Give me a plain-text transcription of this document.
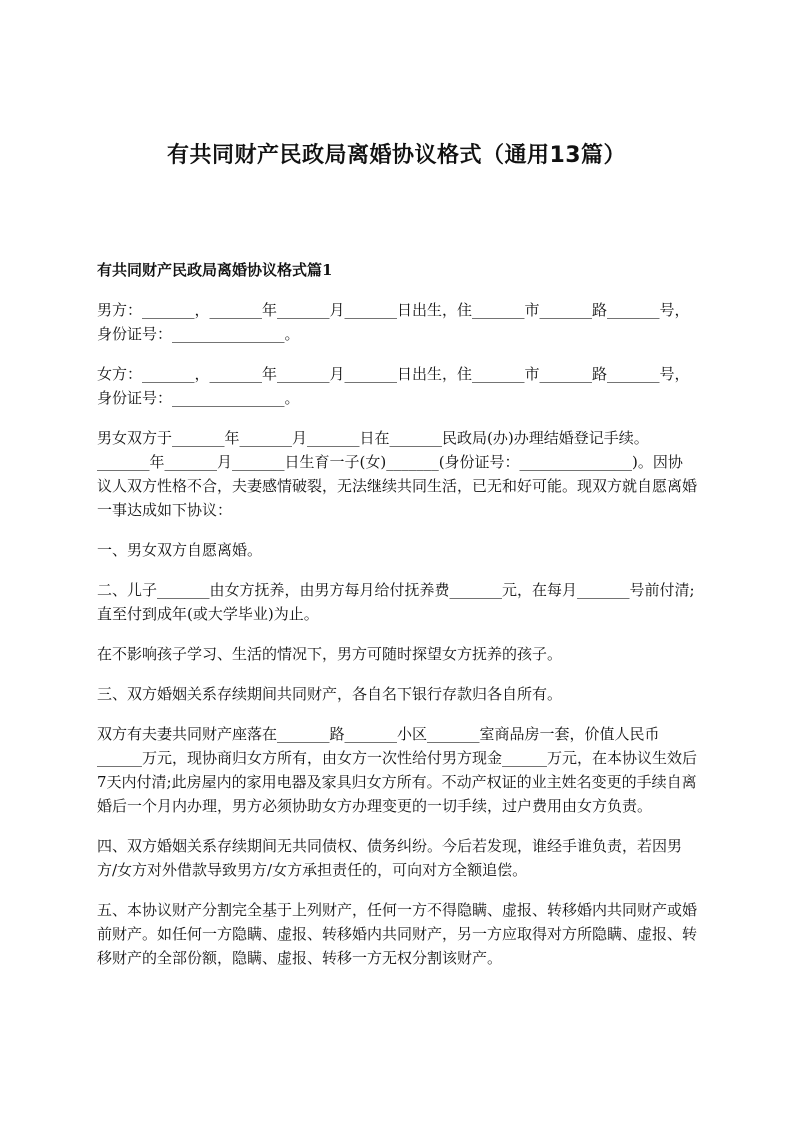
有共同财产民政局离婚协议格式（通用13篇）
有共同财产民政局离婚协议格式篇1

男方：_______，_______年_______月_______日出生，住_______市_______路_______号，身份证号：_______________。

女方：_______，_______年_______月_______日出生，住_______市_______路_______号，身份证号：_______________。

男女双方于_______年_______月_______日在_______民政局(办)办理结婚登记手续。_______年_______月_______日生育一子(女)_______(身份证号：_______________)。因协议人双方性格不合，夫妻感情破裂，无法继续共同生活，已无和好可能。现双方就自愿离婚一事达成如下协议：

一、男女双方自愿离婚。

二、儿子_______由女方抚养，由男方每月给付抚养费_______元，在每月_______号前付清;直至付到成年(或大学毕业)为止。

在不影响孩子学习、生活的情况下，男方可随时探望女方抚养的孩子。

三、双方婚姻关系存续期间共同财产，各自名下银行存款归各自所有。

双方有夫妻共同财产座落在_______路_______小区_______室商品房一套，价值人民币______万元，现协商归女方所有，由女方一次性给付男方现金______万元，在本协议生效后7天内付清;此房屋内的家用电器及家具归女方所有。不动产权证的业主姓名变更的手续自离婚后一个月内办理，男方必须协助女方办理变更的一切手续，过户费用由女方负责。

四、双方婚姻关系存续期间无共同债权、债务纠纷。今后若发现，谁经手谁负责，若因男方/女方对外借款导致男方/女方承担责任的，可向对方全额追偿。

五、本协议财产分割完全基于上列财产，任何一方不得隐瞒、虚报、转移婚内共同财产或婚前财产。如任何一方隐瞒、虚报、转移婚内共同财产，另一方应取得对方所隐瞒、虚报、转移财产的全部份额，隐瞒、虚报、转移一方无权分割该财产。
